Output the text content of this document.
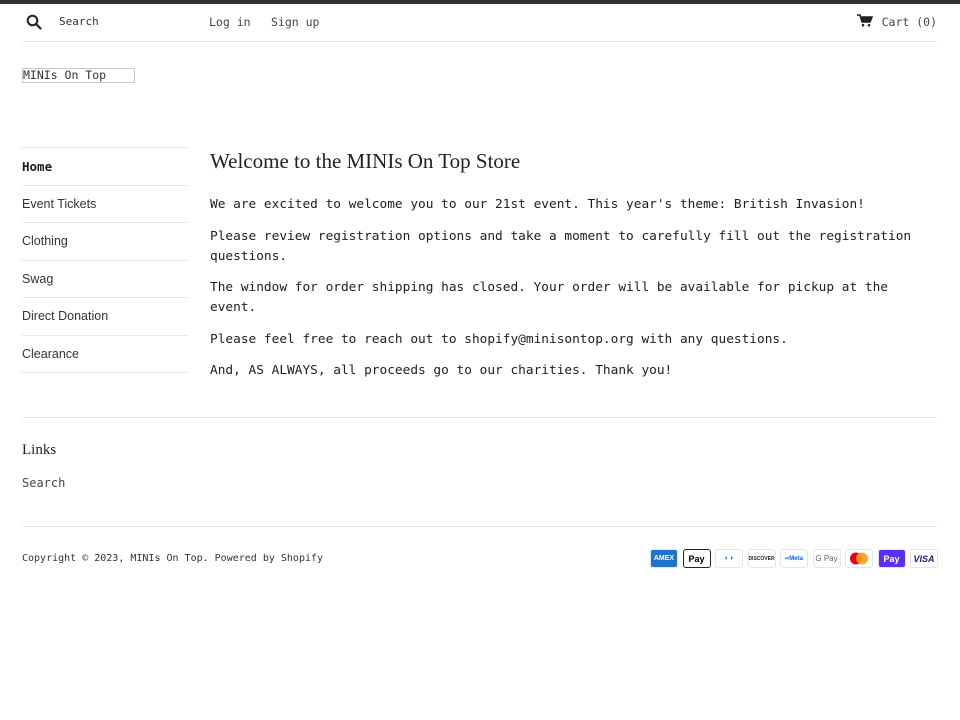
Search	Log in Sign up	Cart (0)
MINIs On Top
Home
Event Tickets
Clothing
Swag
Direct Donation
Clearance
Welcome to the MINIs On Top Store

We are excited to welcome you to our 21st event. This year's theme: British Invasion!

Please review registration options and take a moment to carefully fill out the registration questions.

The window for order shipping has closed. Your order will be available for pickup at the event.

Please feel free to reach out to shopify@minisontop.org with any questions.

And, AS ALWAYS, all proceeds go to our charities. Thank you!

Links
Search
Copyright © 2023, MINIs On Top. Powered by Shopify	AMEX	Pay	◐◑	DISCOVER	∞Meta	G Pay	Pay	VISA
